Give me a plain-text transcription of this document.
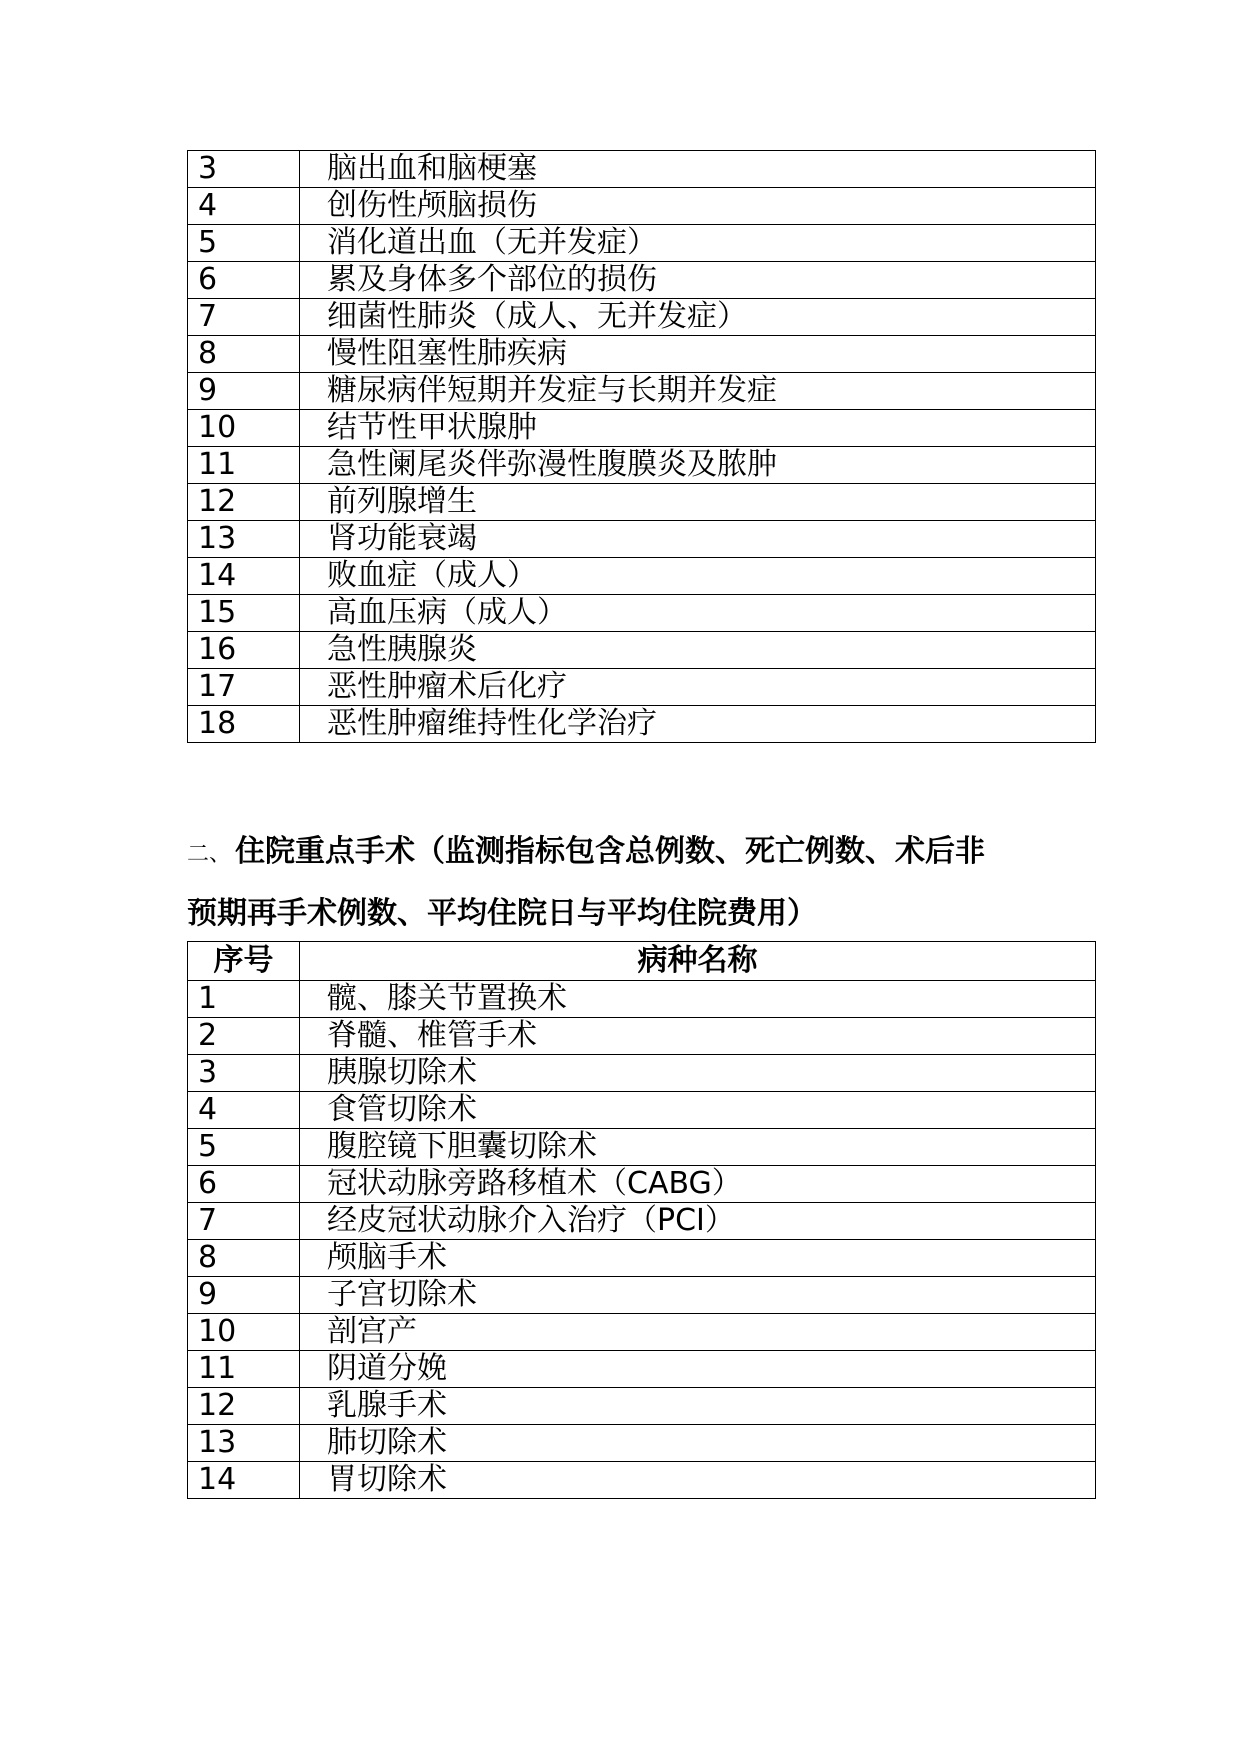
3	脑出血和脑梗塞
4	创伤性颅脑损伤
5	消化道出血（无并发症）
6	累及身体多个部位的损伤
7	细菌性肺炎（成人、无并发症）
8	慢性阻塞性肺疾病
9	糖尿病伴短期并发症与长期并发症
10	结节性甲状腺肿
11	急性阑尾炎伴弥漫性腹膜炎及脓肿
12	前列腺增生
13	肾功能衰竭
14	败血症（成人）
15	高血压病（成人）
16	急性胰腺炎
17	恶性肿瘤术后化疗
18	恶性肿瘤维持性化学治疗
二、 住院重点手术（监测指标包含总例数、死亡例数、术后非
预期再手术例数、平均住院日与平均住院费用）
序号	病种名称
1	髋、膝关节置换术
2	脊髓、椎管手术
3	胰腺切除术
4	食管切除术
5	腹腔镜下胆囊切除术
6	冠状动脉旁路移植术（CABG）
7	经皮冠状动脉介入治疗（PCI）
8	颅脑手术
9	子宫切除术
10	剖宫产
11	阴道分娩
12	乳腺手术
13	肺切除术
14	胃切除术
